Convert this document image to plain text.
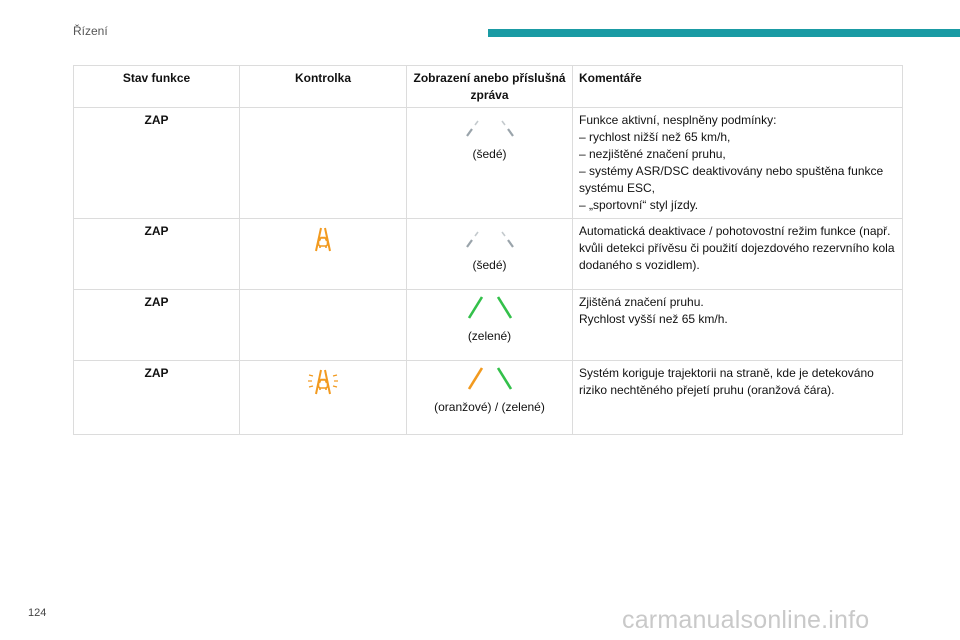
Řízení
Stav funkce	Kontrolka	Zobrazení anebo příslušná zpráva	Komentáře
ZAP		(šedé)	Funkce aktivní, nesplněny podmínky:
– rychlost nižší než 65 km/h,
– nezjištěné značení pruhu,
– systémy ASR/DSC deaktivovány nebo spuštěna funkce systému ESC,
– „sportovní“ styl jízdy.

ZAP		(šedé)	Automatická deaktivace / pohotovostní režim funkce (např. kvůli detekci přívěsu či použití dojezdového rezervního kola dodaného s vozidlem).

ZAP		(zelené)	Zjištěná značení pruhu.
Rychlost vyšší než 65 km/h.

ZAP		(oranžové) / (zelené)	Systém koriguje trajektorii na straně, kde je detekováno riziko nechtěného přejetí pruhu (oranžová čára).
124	carmanualsonline.info
